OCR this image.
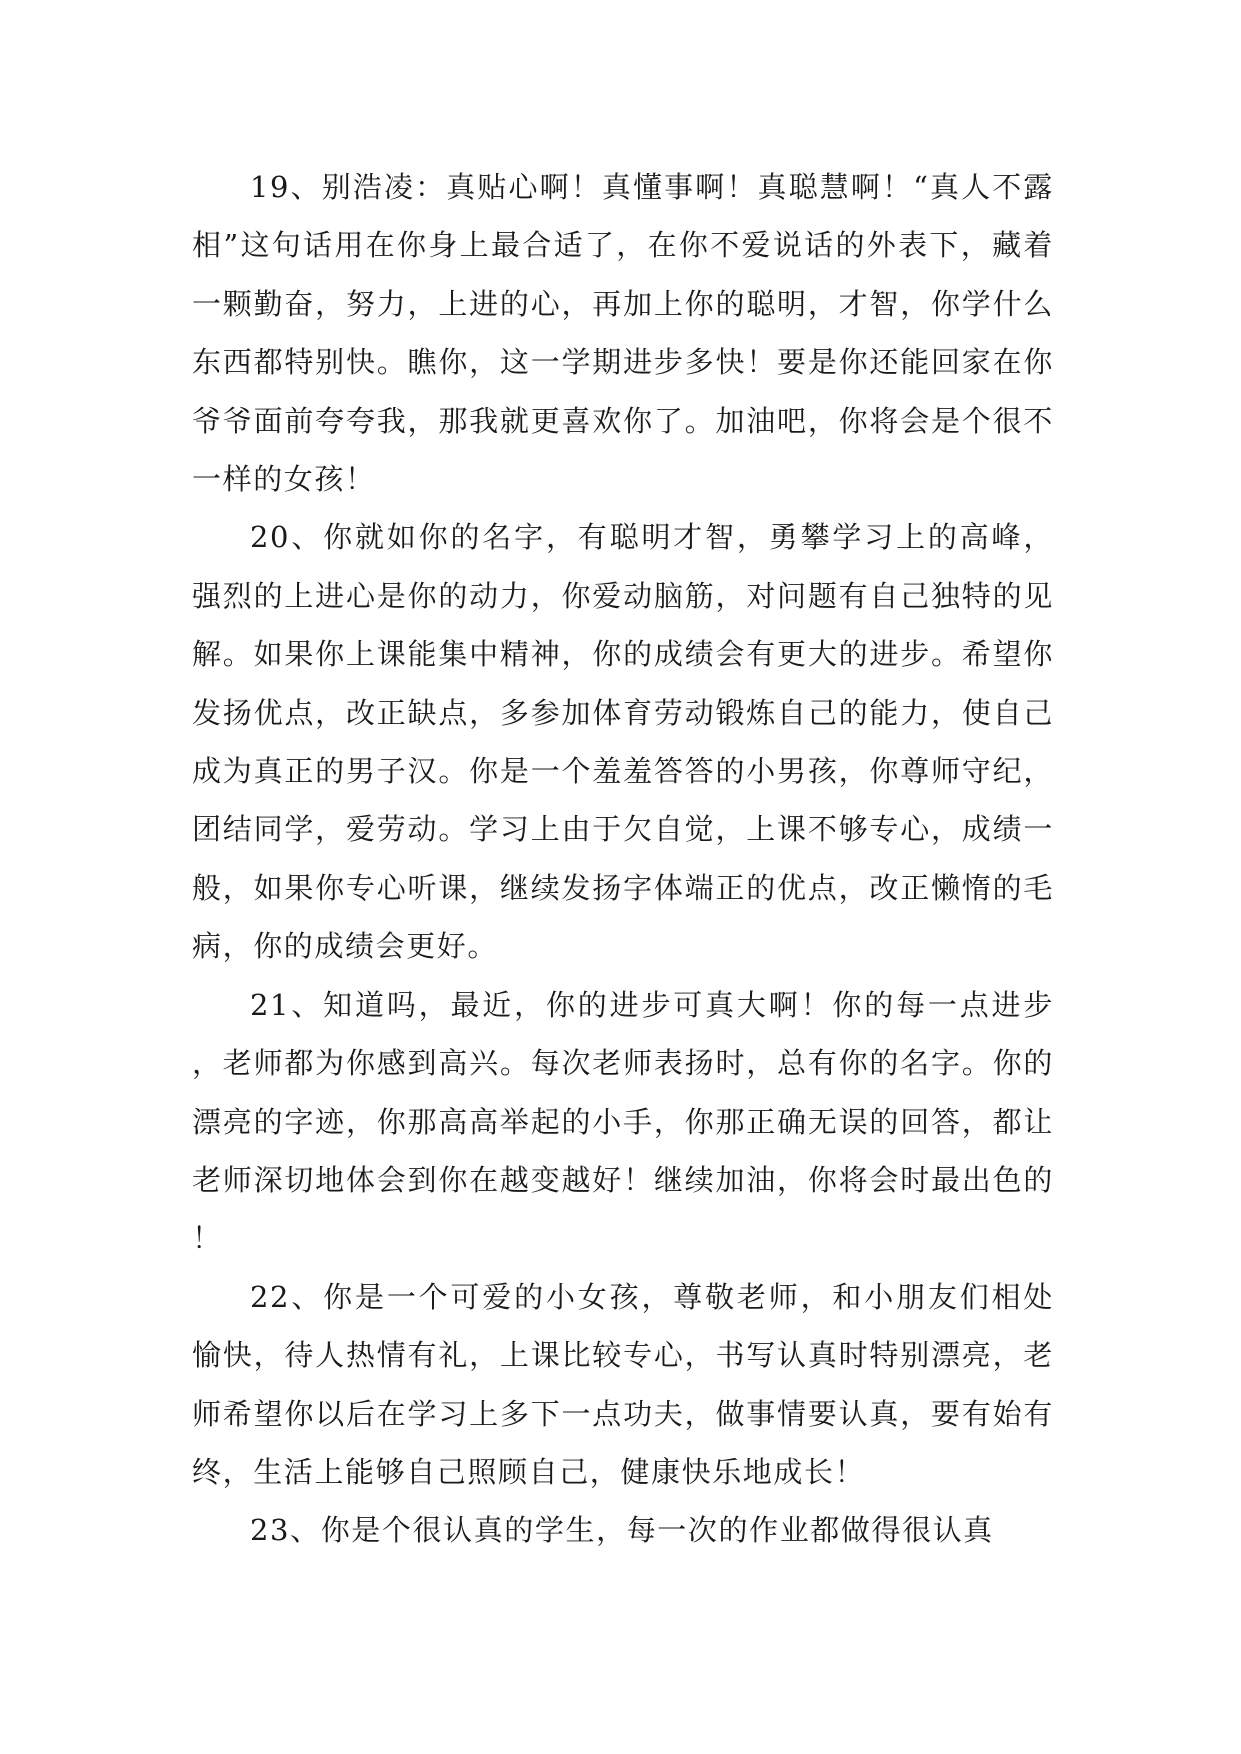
19、别浩凌：真贴心啊！真懂事啊！真聪慧啊！“真人不露相”这句话用在你身上最合适了，在你不爱说话的外表下，藏着一颗勤奋，努力，上进的心，再加上你的聪明，才智，你学什么东西都特别快。瞧你，这一学期进步多快！要是你还能回家在你爷爷面前夸夸我，那我就更喜欢你了。加油吧，你将会是个很不一样的女孩！

20、你就如你的名字，有聪明才智，勇攀学习上的高峰，强烈的上进心是你的动力，你爱动脑筋，对问题有自己独特的见解。如果你上课能集中精神，你的成绩会有更大的进步。希望你发扬优点，改正缺点，多参加体育劳动锻炼自己的能力，使自己成为真正的男子汉。你是一个羞羞答答的小男孩，你尊师守纪，团结同学，爱劳动。学习上由于欠自觉，上课不够专心，成绩一般，如果你专心听课，继续发扬字体端正的优点，改正懒惰的毛病，你的成绩会更好。

21、知道吗，最近，你的进步可真大啊！你的每一点进步，老师都为你感到高兴。每次老师表扬时，总有你的名字。你的漂亮的字迹，你那高高举起的小手，你那正确无误的回答，都让老师深切地体会到你在越变越好！继续加油，你将会时最出色的！

22、你是一个可爱的小女孩，尊敬老师，和小朋友们相处愉快，待人热情有礼，上课比较专心，书写认真时特别漂亮，老师希望你以后在学习上多下一点功夫，做事情要认真，要有始有终，生活上能够自己照顾自己，健康快乐地成长！

23、你是个很认真的学生，每一次的作业都做得很认真
